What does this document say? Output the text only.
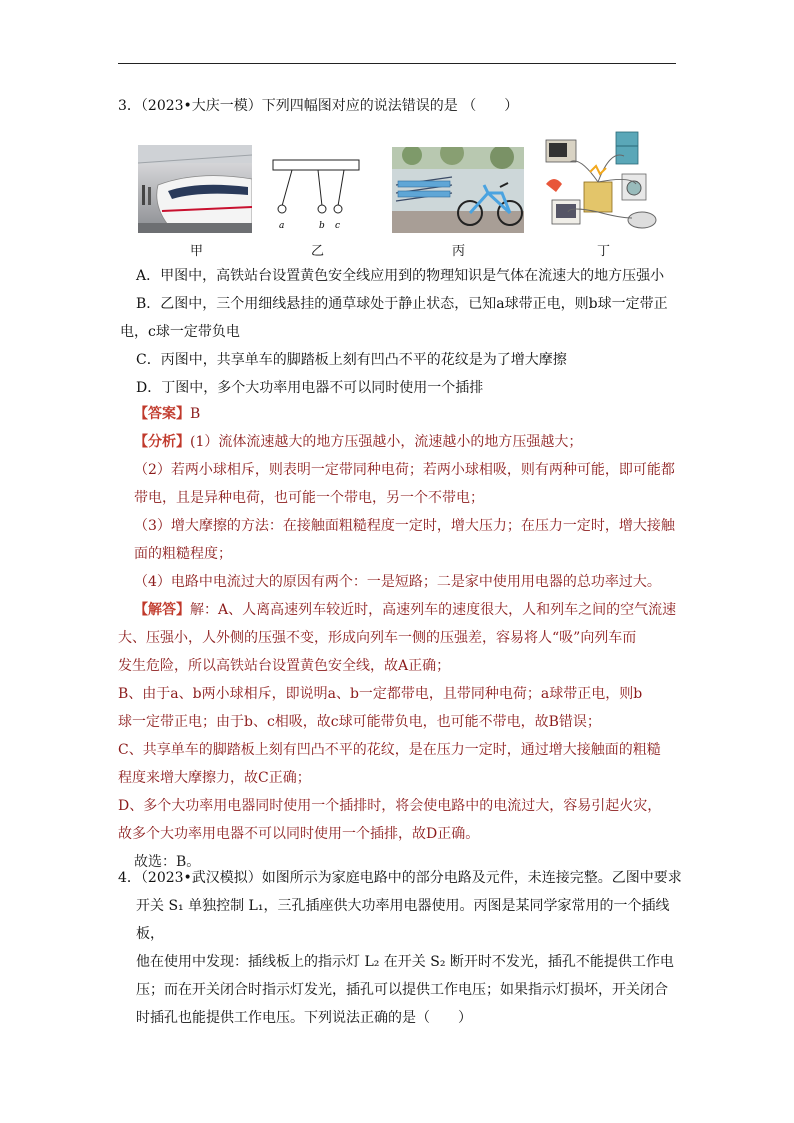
3．（2023•大庆一模）下列四幅图对应的说法错误的是 （　　）
a	b c
甲	乙	丙	丁

A．甲图中，高铁站台设置黄色安全线应用到的物理知识是气体在流速大的地方压强小

B．乙图中，三个用细线悬挂的通草球处于静止状态，已知a球带正电，则b球一定带正

电，c球一定带负电

C．丙图中，共享单车的脚踏板上刻有凹凸不平的花纹是为了增大摩擦

D．丁图中，多个大功率用电器不可以同时使用一个插排

【答案】B

【分析】(1）流体流速越大的地方压强越小，流速越小的地方压强越大；

（2）若两小球相斥，则表明一定带同种电荷；若两小球相吸，则有两种可能，即可能都

带电，且是异种电荷，也可能一个带电，另一个不带电；

（3）增大摩擦的方法：在接触面粗糙程度一定时，增大压力；在压力一定时，增大接触

面的粗糙程度；

（4）电路中电流过大的原因有两个：一是短路；二是家中使用用电器的总功率过大。

【解答】解：A、人离高速列车较近时，高速列车的速度很大，人和列车之间的空气流速

大、压强小，人外侧的压强不变，形成向列车一侧的压强差，容易将人“吸”向列车而

发生危险，所以高铁站台设置黄色安全线，故A正确；

B、由于a、b两小球相斥，即说明a、b一定都带电，且带同种电荷；a球带正电，则b

球一定带正电；由于b、c相吸，故c球可能带负电，也可能不带电，故B错误；

C、共享单车的脚踏板上刻有凹凸不平的花纹，是在压力一定时，通过增大接触面的粗糙

程度来增大摩擦力，故C正确；

D、多个大功率用电器同时使用一个插排时，将会使电路中的电流过大，容易引起火灾，

故多个大功率用电器不可以同时使用一个插排，故D正确。

故选：B。

4．（2023•武汉模拟）如图所示为家庭电路中的部分电路及元件，未连接完整。乙图中要求
开关 S₁ 单独控制 L₁，三孔插座供大功率用电器使用。丙图是某同学家常用的一个插线板，
他在使用中发现：插线板上的指示灯 L₂ 在开关 S₂ 断开时不发光，插孔不能提供工作电
压；而在开关闭合时指示灯发光，插孔可以提供工作电压；如果指示灯损坏，开关闭合
时插孔也能提供工作电压。下列说法正确的是（　　）
